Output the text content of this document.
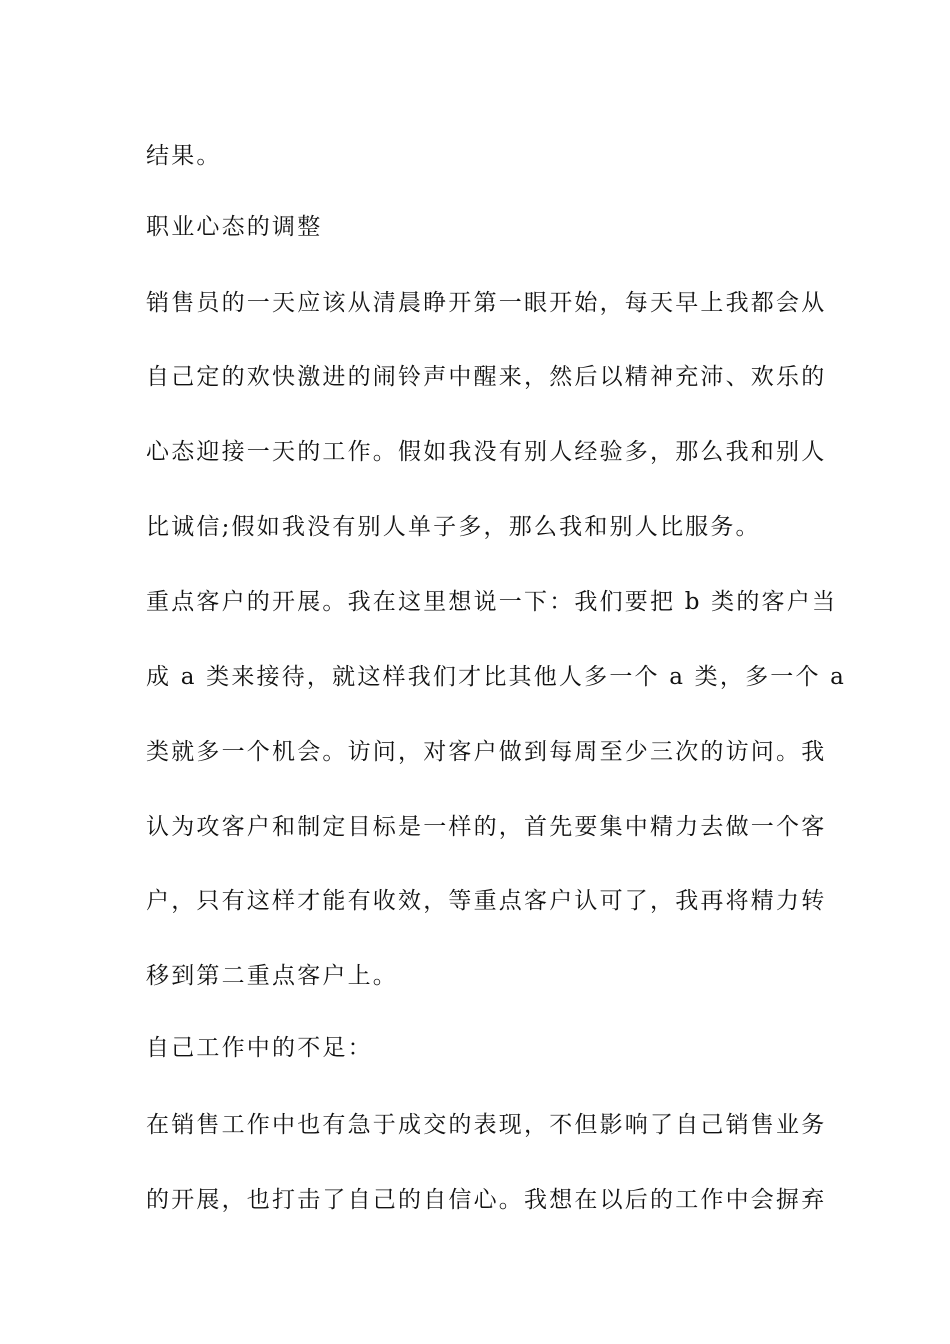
结果。
职业心态的调整
销售员的一天应该从清晨睁开第一眼开始，每天早上我都会从
自己定的欢快激进的闹铃声中醒来，然后以精神充沛、欢乐的
心态迎接一天的工作。假如我没有别人经验多，那么我和别人
比诚信;假如我没有别人单子多，那么我和别人比服务。
重点客户的开展。我在这里想说一下：我们要把 b 类的客户当
成 a 类来接待，就这样我们才比其他人多一个 a 类，多一个 a
类就多一个机会。访问，对客户做到每周至少三次的访问。我
认为攻客户和制定目标是一样的，首先要集中精力去做一个客
户，只有这样才能有收效，等重点客户认可了，我再将精力转
移到第二重点客户上。
自己工作中的不足：
在销售工作中也有急于成交的表现，不但影响了自己销售业务
的开展，也打击了自己的自信心。我想在以后的工作中会摒弃
